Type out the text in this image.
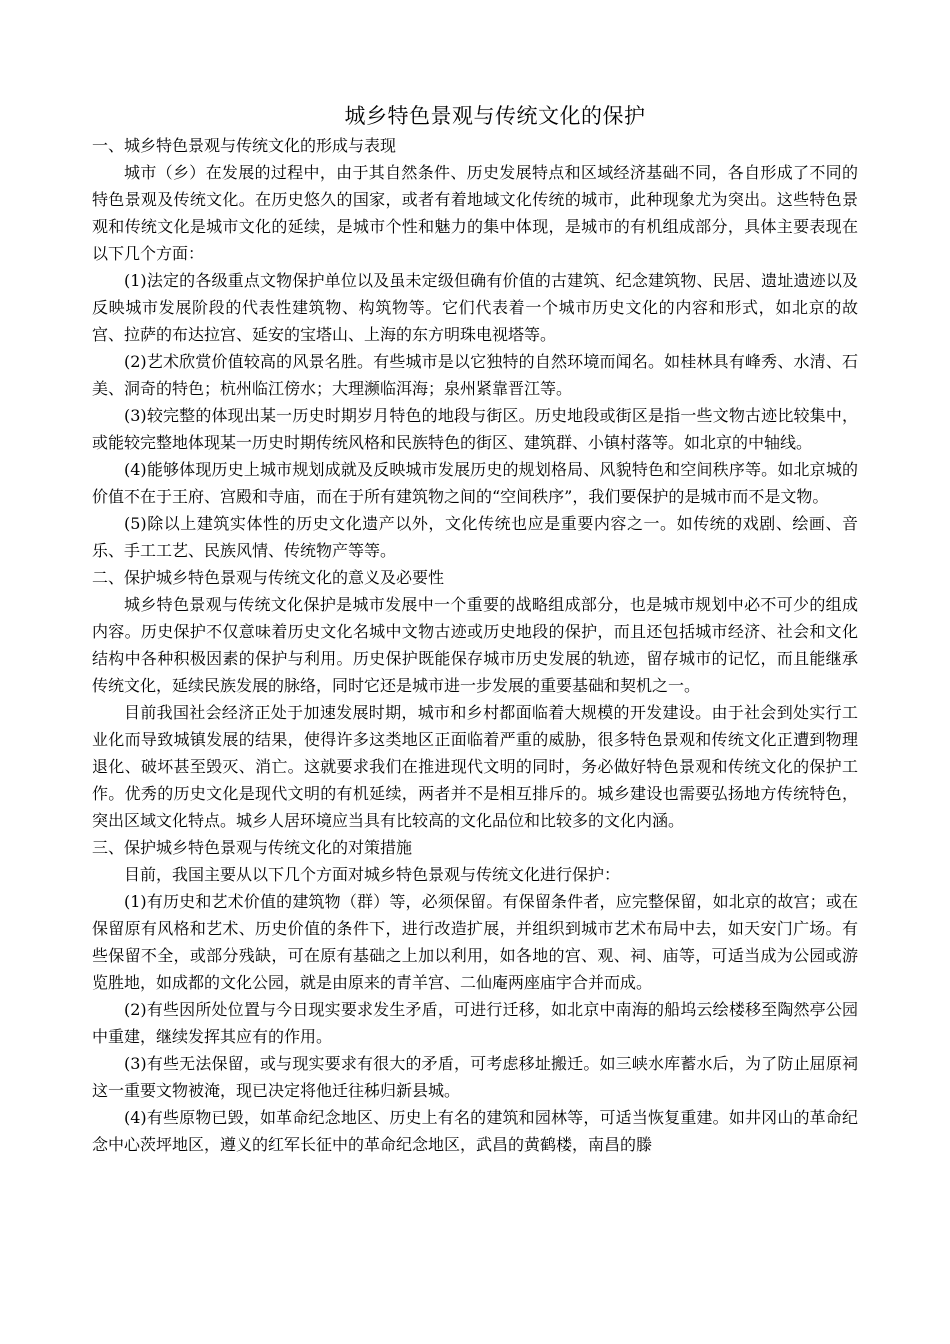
城乡特色景观与传统文化的保护

一、城乡特色景观与传统文化的形成与表现

城市（乡）在发展的过程中，由于其自然条件、历史发展特点和区域经济基础不同，各自形成了不同的特色景观及传统文化。在历史悠久的国家，或者有着地域文化传统的城市，此种现象尤为突出。这些特色景观和传统文化是城市文化的延续，是城市个性和魅力的集中体现，是城市的有机组成部分，具体主要表现在以下几个方面：

(1)法定的各级重点文物保护单位以及虽未定级但确有价值的古建筑、纪念建筑物、民居、遗址遗迹以及反映城市发展阶段的代表性建筑物、构筑物等。它们代表着一个城市历史文化的内容和形式，如北京的故宫、拉萨的布达拉宫、延安的宝塔山、上海的东方明珠电视塔等。

(2)艺术欣赏价值较高的风景名胜。有些城市是以它独特的自然环境而闻名。如桂林具有峰秀、水清、石美、洞奇的特色；杭州临江傍水；大理濒临洱海；泉州紧靠晋江等。

(3)较完整的体现出某一历史时期岁月特色的地段与街区。历史地段或街区是指一些文物古迹比较集中，或能较完整地体现某一历史时期传统风格和民族特色的街区、建筑群、小镇村落等。如北京的中轴线。

(4)能够体现历史上城市规划成就及反映城市发展历史的规划格局、风貌特色和空间秩序等。如北京城的价值不在于王府、宫殿和寺庙，而在于所有建筑物之间的“空间秩序”，我们要保护的是城市而不是文物。

(5)除以上建筑实体性的历史文化遗产以外，文化传统也应是重要内容之一。如传统的戏剧、绘画、音乐、手工工艺、民族风情、传统物产等等。

二、保护城乡特色景观与传统文化的意义及必要性

城乡特色景观与传统文化保护是城市发展中一个重要的战略组成部分，也是城市规划中必不可少的组成内容。历史保护不仅意味着历史文化名城中文物古迹或历史地段的保护，而且还包括城市经济、社会和文化结构中各种积极因素的保护与利用。历史保护既能保存城市历史发展的轨迹，留存城市的记忆，而且能继承传统文化，延续民族发展的脉络，同时它还是城市进一步发展的重要基础和契机之一。

目前我国社会经济正处于加速发展时期，城市和乡村都面临着大规模的开发建设。由于社会到处实行工业化而导致城镇发展的结果，使得许多这类地区正面临着严重的威胁，很多特色景观和传统文化正遭到物理退化、破坏甚至毁灭、消亡。这就要求我们在推进现代文明的同时，务必做好特色景观和传统文化的保护工作。优秀的历史文化是现代文明的有机延续，两者并不是相互排斥的。城乡建设也需要弘扬地方传统特色，突出区域文化特点。城乡人居环境应当具有比较高的文化品位和比较多的文化内涵。

三、保护城乡特色景观与传统文化的对策措施

目前，我国主要从以下几个方面对城乡特色景观与传统文化进行保护：

(1)有历史和艺术价值的建筑物（群）等，必须保留。有保留条件者，应完整保留，如北京的故宫；或在保留原有风格和艺术、历史价值的条件下，进行改造扩展，并组织到城市艺术布局中去，如天安门广场。有些保留不全，或部分残缺，可在原有基础之上加以利用，如各地的宫、观、祠、庙等，可适当成为公园或游览胜地，如成都的文化公园，就是由原来的青羊宫、二仙庵两座庙宇合并而成。

(2)有些因所处位置与今日现实要求发生矛盾，可进行迁移，如北京中南海的船坞云绘楼移至陶然亭公园中重建，继续发挥其应有的作用。

(3)有些无法保留，或与现实要求有很大的矛盾，可考虑移址搬迁。如三峡水库蓄水后，为了防止屈原祠这一重要文物被淹，现已决定将他迁往秭归新县城。

(4)有些原物已毁，如革命纪念地区、历史上有名的建筑和园林等，可适当恢复重建。如井冈山的革命纪念中心茨坪地区，遵义的红军长征中的革命纪念地区，武昌的黄鹤楼，南昌的滕
